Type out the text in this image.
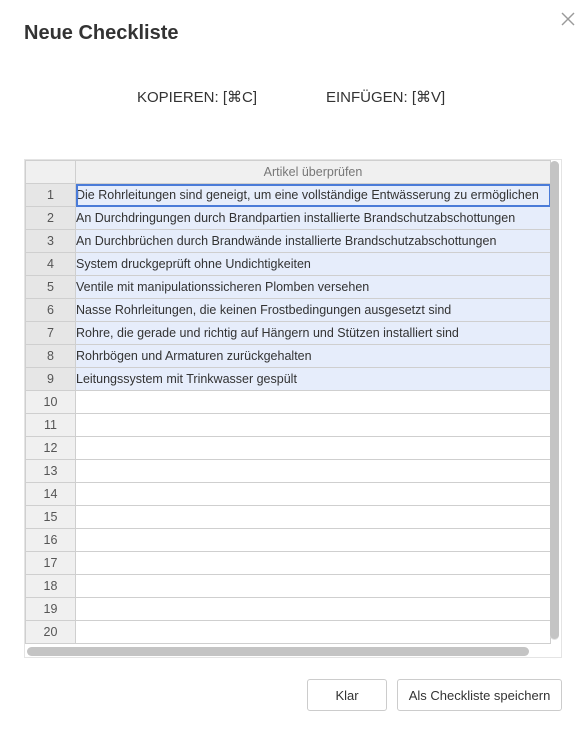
Neue Checkliste
KOPIEREN: [⌘C]	EINFÜGEN: [⌘V]
	Artikel überprüfen
1	Die Rohrleitungen sind geneigt, um eine vollständige Entwässerung zu ermöglichen
2	An Durchdringungen durch Brandpartien installierte Brandschutzabschottungen
3	An Durchbrüchen durch Brandwände installierte Brandschutzabschottungen
4	System druckgeprüft ohne Undichtigkeiten
5	Ventile mit manipulationssicheren Plomben versehen
6	Nasse Rohrleitungen, die keinen Frostbedingungen ausgesetzt sind
7	Rohre, die gerade und richtig auf Hängern und Stützen installiert sind
8	Rohrbögen und Armaturen zurückgehalten
9	Leitungssystem mit Trinkwasser gespült
10	
11	
12	
13	
14	
15	
16	
17	
18	
19	
20	
Klar	Als Checkliste speichern
